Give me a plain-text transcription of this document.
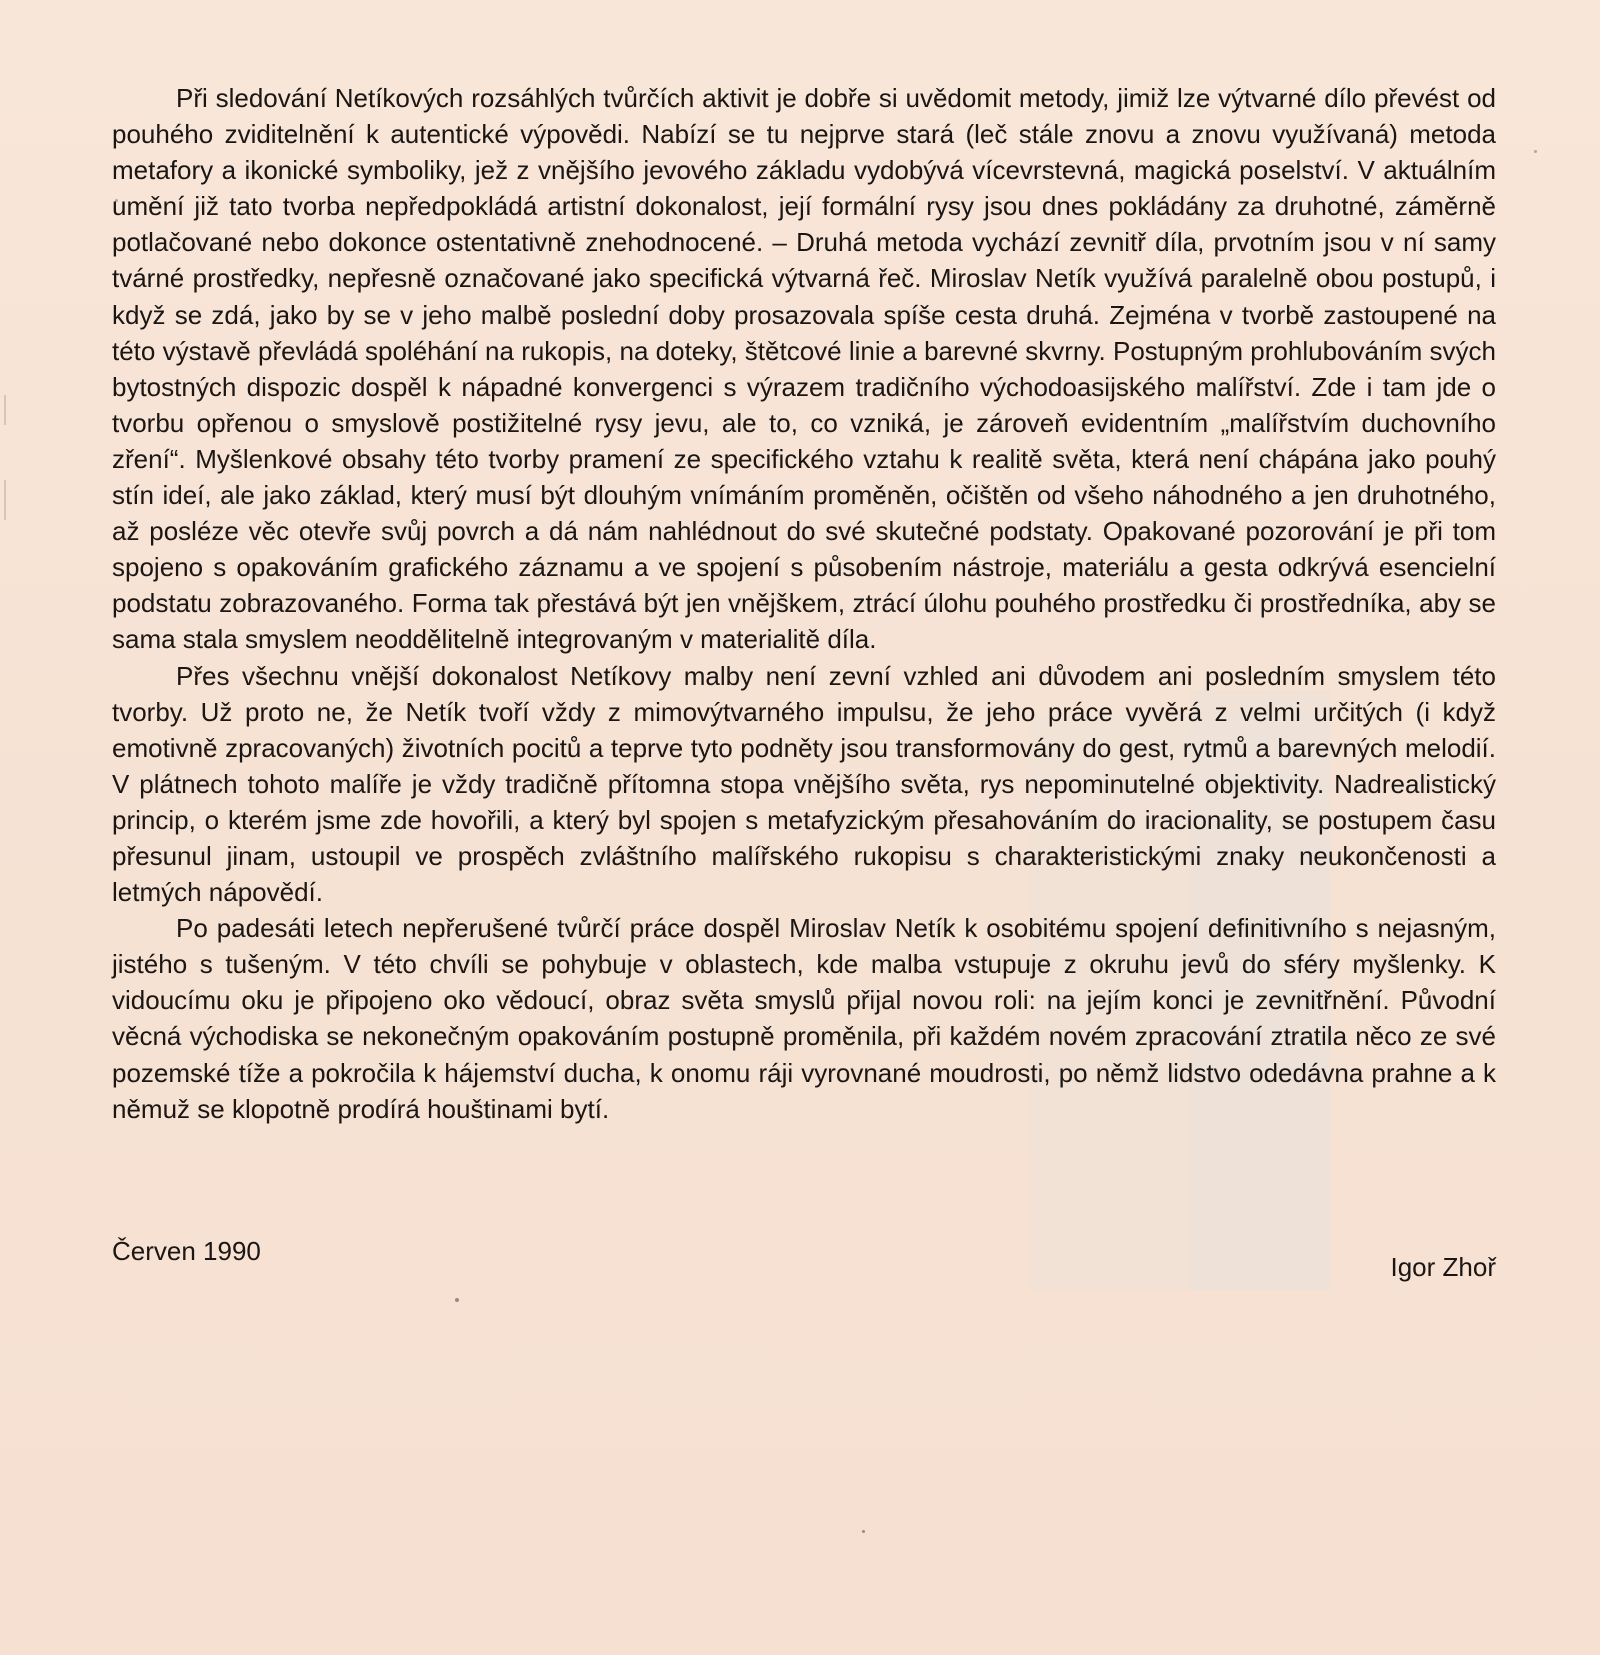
Při sledování Netíkových rozsáhlých tvůrčích aktivit je dobře si uvědomit metody, jimiž lze výtvarné dílo převést od pouhého zviditelnění k autentické výpovědi. Nabízí se tu nejprve stará (leč stále znovu a znovu využívaná) metoda metafory a ikonické symboliky, jež z vnějšího jevového základu vydobývá vícevrstevná, magická poselství. V aktuálním umění již tato tvorba nepředpokládá artistní dokonalost, její formální rysy jsou dnes pokládány za druhotné, záměrně potlačované nebo dokonce ostentativně znehodnocené. – Druhá metoda vychází zevnitř díla, prvotním jsou v ní samy tvárné prostředky, nepřesně označované jako specifická výtvarná řeč. Miroslav Netík využívá paralelně obou postupů, i když se zdá, jako by se v jeho malbě poslední doby prosazovala spíše cesta druhá. Zejména v tvorbě zastoupené na této výstavě převládá spoléhání na rukopis, na doteky, štětcové linie a barevné skvrny. Postupným prohlubováním svých bytostných dispozic dospěl k nápadné konvergenci s výrazem tradičního východoasijského malířství. Zde i tam jde o tvorbu opřenou o smyslově postižitelné rysy jevu, ale to, co vzniká, je zároveň evidentním „malířstvím duchovního zření“. Myšlenkové obsahy této tvorby pramení ze specifického vztahu k realitě světa, která není chápána jako pouhý stín ideí, ale jako základ, který musí být dlouhým vnímáním proměněn, očištěn od všeho náhodného a jen druhotného, až posléze věc otevře svůj povrch a dá nám nahlédnout do své skutečné podstaty. Opakované pozorování je při tom spojeno s opakováním grafického záznamu a ve spojení s působením nástroje, materiálu a gesta odkrývá esencielní podstatu zobrazovaného. Forma tak přestává být jen vnějškem, ztrácí úlohu pouhého prostředku či prostředníka, aby se sama stala smyslem neoddělitelně integrovaným v materialitě díla.

Přes všechnu vnější dokonalost Netíkovy malby není zevní vzhled ani důvodem ani posledním smyslem této tvorby. Už proto ne, že Netík tvoří vždy z mimovýtvarného impulsu, že jeho práce vyvěrá z velmi určitých (i když emotivně zpracovaných) životních pocitů a teprve tyto podněty jsou transformovány do gest, rytmů a barevných melodií. V plátnech tohoto malíře je vždy tradičně přítomna stopa vnějšího světa, rys nepominutelné objektivity. Nadrealistický princip, o kterém jsme zde hovořili, a který byl spojen s metafyzickým přesahováním do iracionality, se postupem času přesunul jinam, ustoupil ve prospěch zvláštního malířského rukopisu s charakteristickými znaky neukončenosti a letmých nápovědí.

Po padesáti letech nepřerušené tvůrčí práce dospěl Miroslav Netík k osobitému spojení definitivního s nejasným, jistého s tušeným. V této chvíli se pohybuje v oblastech, kde malba vstupuje z okruhu jevů do sféry myšlenky. K vidoucímu oku je připojeno oko vědoucí, obraz světa smyslů přijal novou roli: na jejím konci je zevnitřnění. Původní věcná východiska se nekonečným opakováním postupně proměnila, při každém novém zpracování ztratila něco ze své pozemské tíže a pokročila k hájemství ducha, k onomu ráji vyrovnané moudrosti, po němž lidstvo odedávna prahne a k němuž se klopotně prodírá houštinami bytí.

Červen 1990
Igor Zhoř
